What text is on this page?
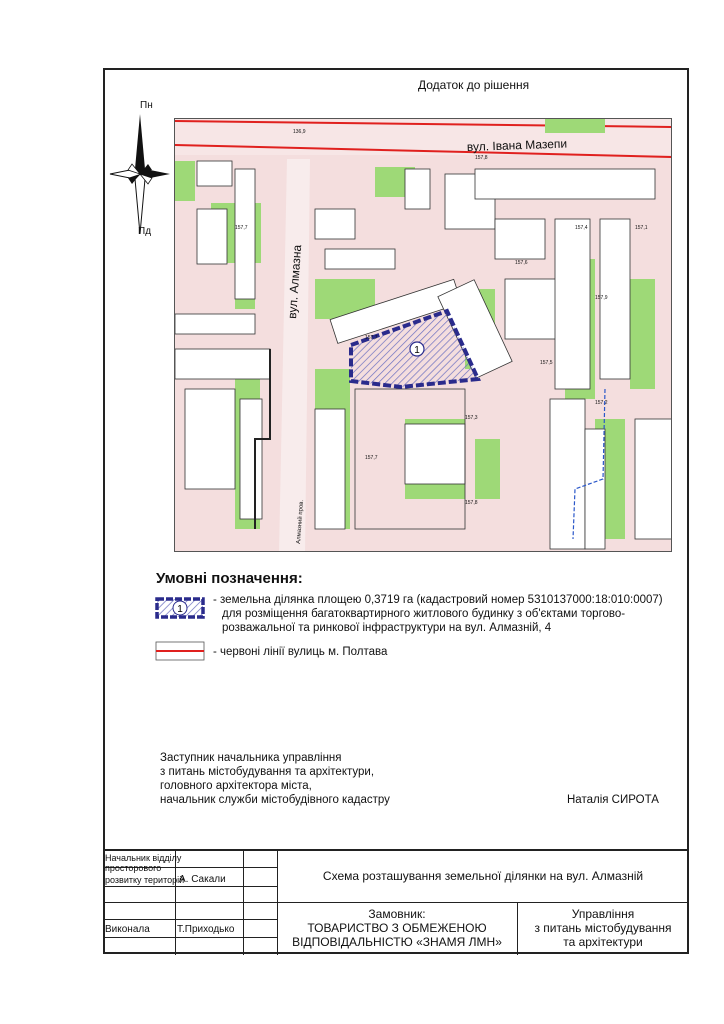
Додаток до рішення
Пн
Пд
1
вул. Івана Мазепи
вул. Алмазна
Алмазний пров.
136,9
157,7
157,7
157,8
157,4
157,6
157,9
157,5
157,3
157,7
157,8
157,2
157,1
Умовні позначення:
1
- земельна ділянка площею 0,3719 га (кадастровий номер 5310137000:18:010:0007)
для розміщення багатоквартирного житлового будинку з об'єктами торгово-
розважальної та ринкової інфраструктури на вул. Алмазній, 4
- червоні лінії вулиць м. Полтава
Заступник начальника управління
з питань містобудування та архітектури,
головного архітектора міста,
начальник служби містобудівного кадастру	Наталія СИРОТА
Начальник відділу
просторового
розвитку територій
А. Сакали
Виконала	Т.Приходько
Схема розташування земельної ділянки на вул. Алмазній
Замовник:
ТОВАРИСТВО З ОБМЕЖЕНОЮ
ВІДПОВІДАЛЬНІСТЮ «ЗНАМЯ ЛМН»
Управління
з питань містобудування
та архітектури
